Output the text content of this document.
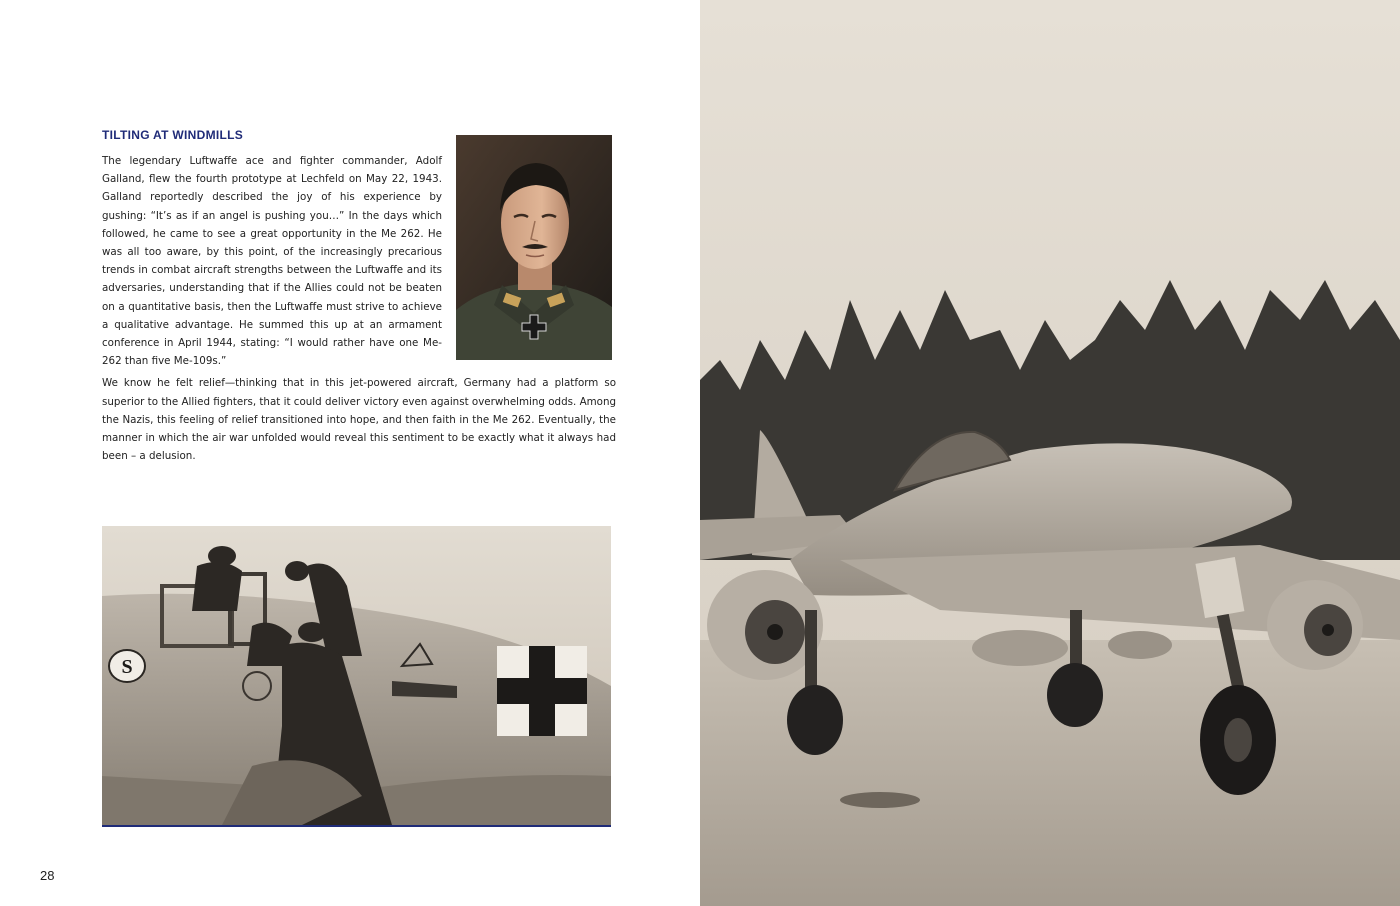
TILTING AT WINDMILLS

The legendary Luftwaffe ace and fighter commander, Adolf Galland, flew the fourth prototype at Lechfeld on May 22, 1943. Galland reportedly described the joy of his experience by gushing: “It’s as if an angel is pushing you…” In the days which followed, he came to see a great opportunity in the Me 262. He was all too aware, by this point, of the increasingly precarious trends in combat aircraft strengths between the Luftwaffe and its adversaries, understanding that if the Allies could not be beaten on a quantitative basis, then the Luftwaffe must strive to achieve a qualitative advantage. He summed this up at an armament conference in April 1944, stating: “I would rather have one Me-262 than five Me-109s.”

We know he felt relief—thinking that in this jet-powered aircraft, Germany had a platform so superior to the Allied fighters, that it could deliver victory even against overwhelming odds. Among the Nazis, this feeling of relief transitioned into hope, and then faith in the Me 262. Eventually, the manner in which the air war unfolded would reveal this sentiment to be exactly what it always had been – a delusion.

S

28
